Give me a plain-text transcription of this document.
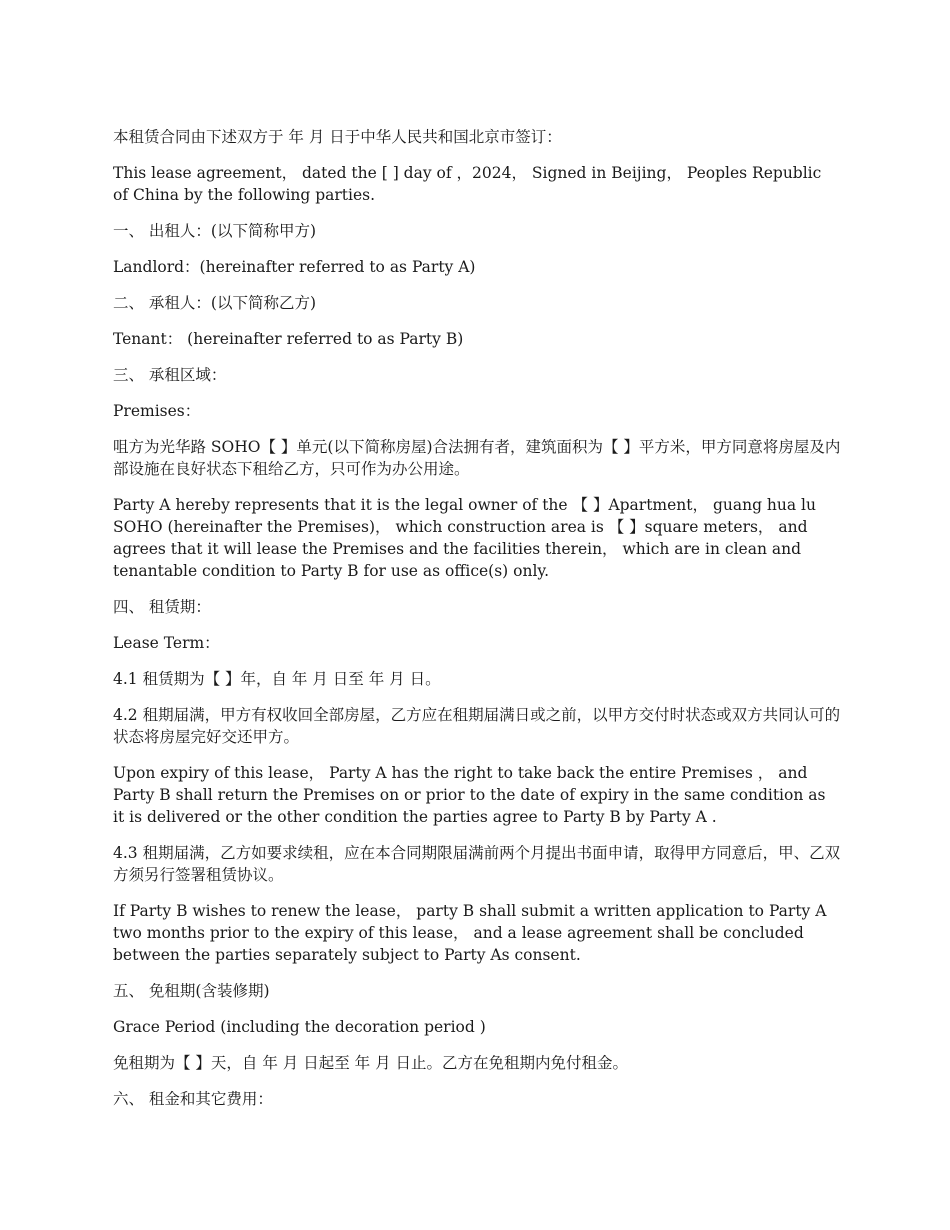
本租赁合同由下述双方于 年 月 日于中华人民共和国北京市签订：

This lease agreement， dated the [ ] day of ，2024， Signed in Beijing， Peoples Republic of China by the following parties.

一、 出租人：(以下简称甲方)

Landlord：(hereinafter referred to as Party A)

二、 承租人：(以下简称乙方)

Tenant： (hereinafter referred to as Party B)

三、 承租区域：

Premises：

咀方为光华路 SOHO【 】单元(以下简称房屋)合法拥有者，建筑面积为【 】平方米，甲方同意将房屋及内部设施在良好状态下租给乙方，只可作为办公用途。

Party A hereby represents that it is the legal owner of the 【 】Apartment， guang hua lu SOHO (hereinafter the Premises)， which construction area is 【 】square meters， and agrees that it will lease the Premises and the facilities therein， which are in clean and tenantable condition to Party B for use as office(s) only.

四、 租赁期：

Lease Term：

4.1 租赁期为【 】年，自 年 月 日至 年 月 日。

4.2 租期届满，甲方有权收回全部房屋，乙方应在租期届满日或之前，以甲方交付时状态或双方共同认可的状态将房屋完好交还甲方。

Upon expiry of this lease， Party A has the right to take back the entire Premises ， and Party B shall return the Premises on or prior to the date of expiry in the same condition as it is delivered or the other condition the parties agree to Party B by Party A .

4.3 租期届满，乙方如要求续租，应在本合同期限届满前两个月提出书面申请，取得甲方同意后，甲、乙双方须另行签署租赁协议。

If Party B wishes to renew the lease， party B shall submit a written application to Party A two months prior to the expiry of this lease， and a lease agreement shall be concluded between the parties separately subject to Party As consent.

五、 免租期(含装修期)

Grace Period (including the decoration period )

免租期为【 】天，自 年 月 日起至 年 月 日止。乙方在免租期内免付租金。

六、 租金和其它费用：
